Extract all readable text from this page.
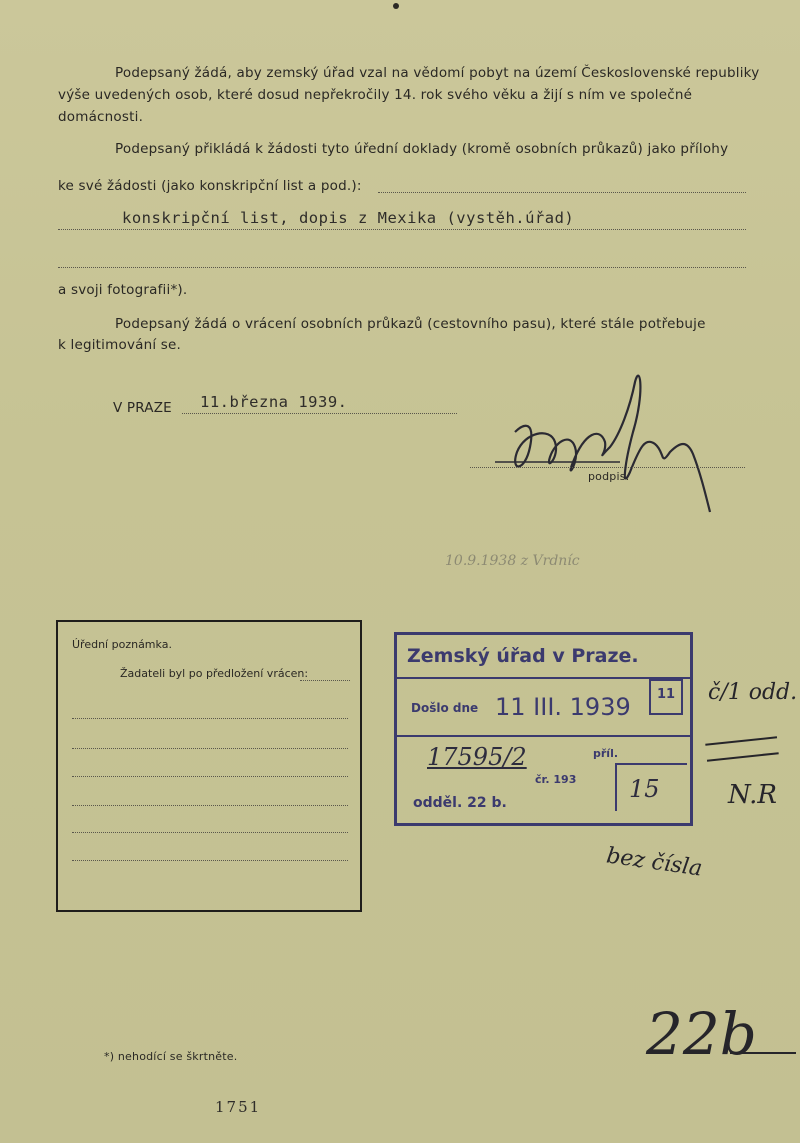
Podepsaný žádá, aby zemský úřad vzal na vědomí pobyt na území Československé republiky
výše uvedených osob, které dosud nepřekročily 14. rok svého věku a žijí s ním ve společné
domácnosti.
Podepsaný přikládá k žádosti tyto úřední doklady (kromě osobních průkazů) jako přílohy
ke své žádosti (jako konskripční list a pod.):
konskripční list, dopis z Mexika (vystěh.úřad)
a svoji fotografii*).
Podepsaný žádá o vrácení osobních průkazů (cestovního pasu), které stále potřebuje
k legitimování se.
V PRAZE 11.března 1939.
podpis.
10.9.1938 z Vrdníc
Úřední poznámka.
Žadateli byl po předložení vrácen:
Zemský úřad v Praze.
Došlo dne 11 III. 1939 11
17595/2
čr. 193
příl.
15
odděl. 22 b.
č/1 odd.
N.R
bez čísla
22b
*) nehodící se škrtněte.
1751
